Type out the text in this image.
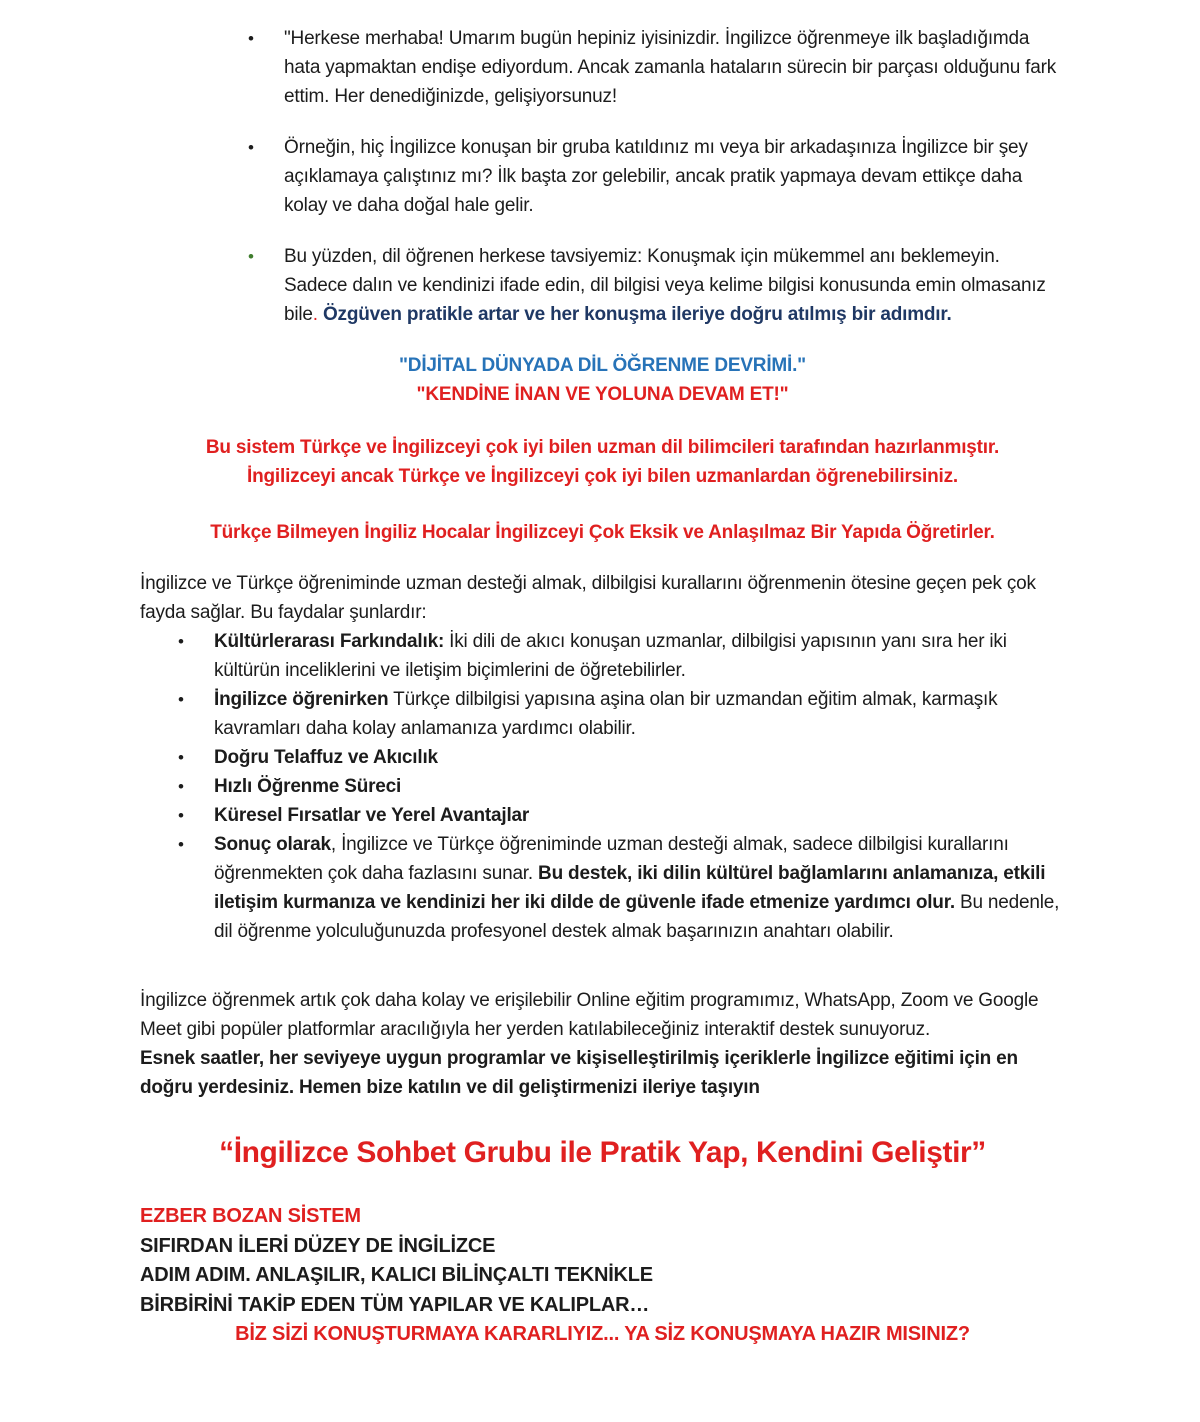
•	"Herkese merhaba! Umarım bugün hepiniz iyisinizdir. İngilizce öğrenmeye ilk başladığımda hata yapmaktan endişe ediyordum. Ancak zamanla hataların sürecin bir parçası olduğunu fark ettim. Her denediğinizde, gelişiyorsunuz!
•	Örneğin, hiç İngilizce konuşan bir gruba katıldınız mı veya bir arkadaşınıza İngilizce bir şey açıklamaya çalıştınız mı? İlk başta zor gelebilir, ancak pratik yapmaya devam ettikçe daha kolay ve daha doğal hale gelir.
•	Bu yüzden, dil öğrenen herkese tavsiyemiz: Konuşmak için mükemmel anı beklemeyin. Sadece dalın ve kendinizi ifade edin, dil bilgisi veya kelime bilgisi konusunda emin olmasanız bile. Özgüven pratikle artar ve her konuşma ileriye doğru atılmış bir adımdır.
"DİJİTAL DÜNYADA DİL ÖĞRENME DEVRİMİ."
"KENDİNE İNAN VE YOLUNA DEVAM ET!"
Bu sistem Türkçe ve İngilizceyi çok iyi bilen uzman dil bilimcileri tarafından hazırlanmıştır.
İngilizceyi ancak Türkçe ve İngilizceyi çok iyi bilen uzmanlardan öğrenebilirsiniz.
Türkçe Bilmeyen İngiliz Hocalar İngilizceyi Çok Eksik ve Anlaşılmaz Bir Yapıda Öğretirler.
İngilizce ve Türkçe öğreniminde uzman desteği almak, dilbilgisi kurallarını öğrenmenin ötesine geçen pek çok fayda sağlar. Bu faydalar şunlardır:
•	Kültürlerarası Farkındalık: İki dili de akıcı konuşan uzmanlar, dilbilgisi yapısının yanı sıra her iki kültürün inceliklerini ve iletişim biçimlerini de öğretebilirler.
•	İngilizce öğrenirken Türkçe dilbilgisi yapısına aşina olan bir uzmandan eğitim almak, karmaşık kavramları daha kolay anlamanıza yardımcı olabilir.
•	Doğru Telaffuz ve Akıcılık
•	Hızlı Öğrenme Süreci
•	Küresel Fırsatlar ve Yerel Avantajlar
•	Sonuç olarak, İngilizce ve Türkçe öğreniminde uzman desteği almak, sadece dilbilgisi kurallarını öğrenmekten çok daha fazlasını sunar. Bu destek, iki dilin kültürel bağlamlarını anlamanıza, etkili iletişim kurmanıza ve kendinizi her iki dilde de güvenle ifade etmenize yardımcı olur. Bu nedenle, dil öğrenme yolculuğunuzda profesyonel destek almak başarınızın anahtarı olabilir.
İngilizce öğrenmek artık çok daha kolay ve erişilebilir Online eğitim programımız, WhatsApp, Zoom ve Google Meet gibi popüler platformlar aracılığıyla her yerden katılabileceğiniz interaktif destek sunuyoruz.
Esnek saatler, her seviyeye uygun programlar ve kişiselleştirilmiş içeriklerle İngilizce eğitimi için en doğru yerdesiniz. Hemen bize katılın ve dil geliştirmenizi ileriye taşıyın
“İngilizce Sohbet Grubu ile Pratik Yap, Kendini Geliştir”
EZBER BOZAN SİSTEM
SIFIRDAN İLERİ DÜZEY DE İNGİLİZCE
ADIM ADIM. ANLAŞILIR, KALICI BİLİNÇALTI TEKNİKLE
BİRBİRİNİ TAKİP EDEN TÜM YAPILAR VE KALIPLAR…
BİZ SİZİ KONUŞTURMAYA KARARLIYIZ... YA SİZ KONUŞMAYA HAZIR MISINIZ?
